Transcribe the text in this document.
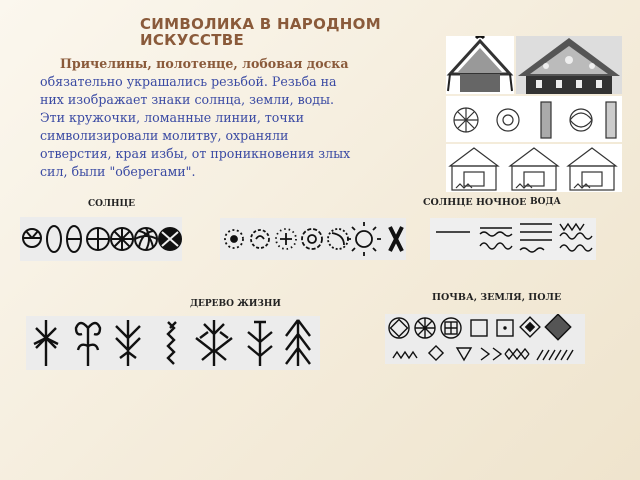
СИМВОЛИКА В НАРОДНОМ ИСКУССТВЕ
Причелины, полотенце, лобовая доска обязательно украшались резьбой. Резьба на них изображает знаки солнца, земли, воды. Эти кружочки, ломанные линии, точки символизировали молитву, охраняли отверстия, края избы, от проникновения злых сил, были "оберегами".
СОЛНЦЕ	СОЛНЦЕ НОЧНОЕ ВОДА
ПОЧВА, ЗЕМЛЯ, ПОЛЕ
ДЕРЕВО ЖИЗНИ
